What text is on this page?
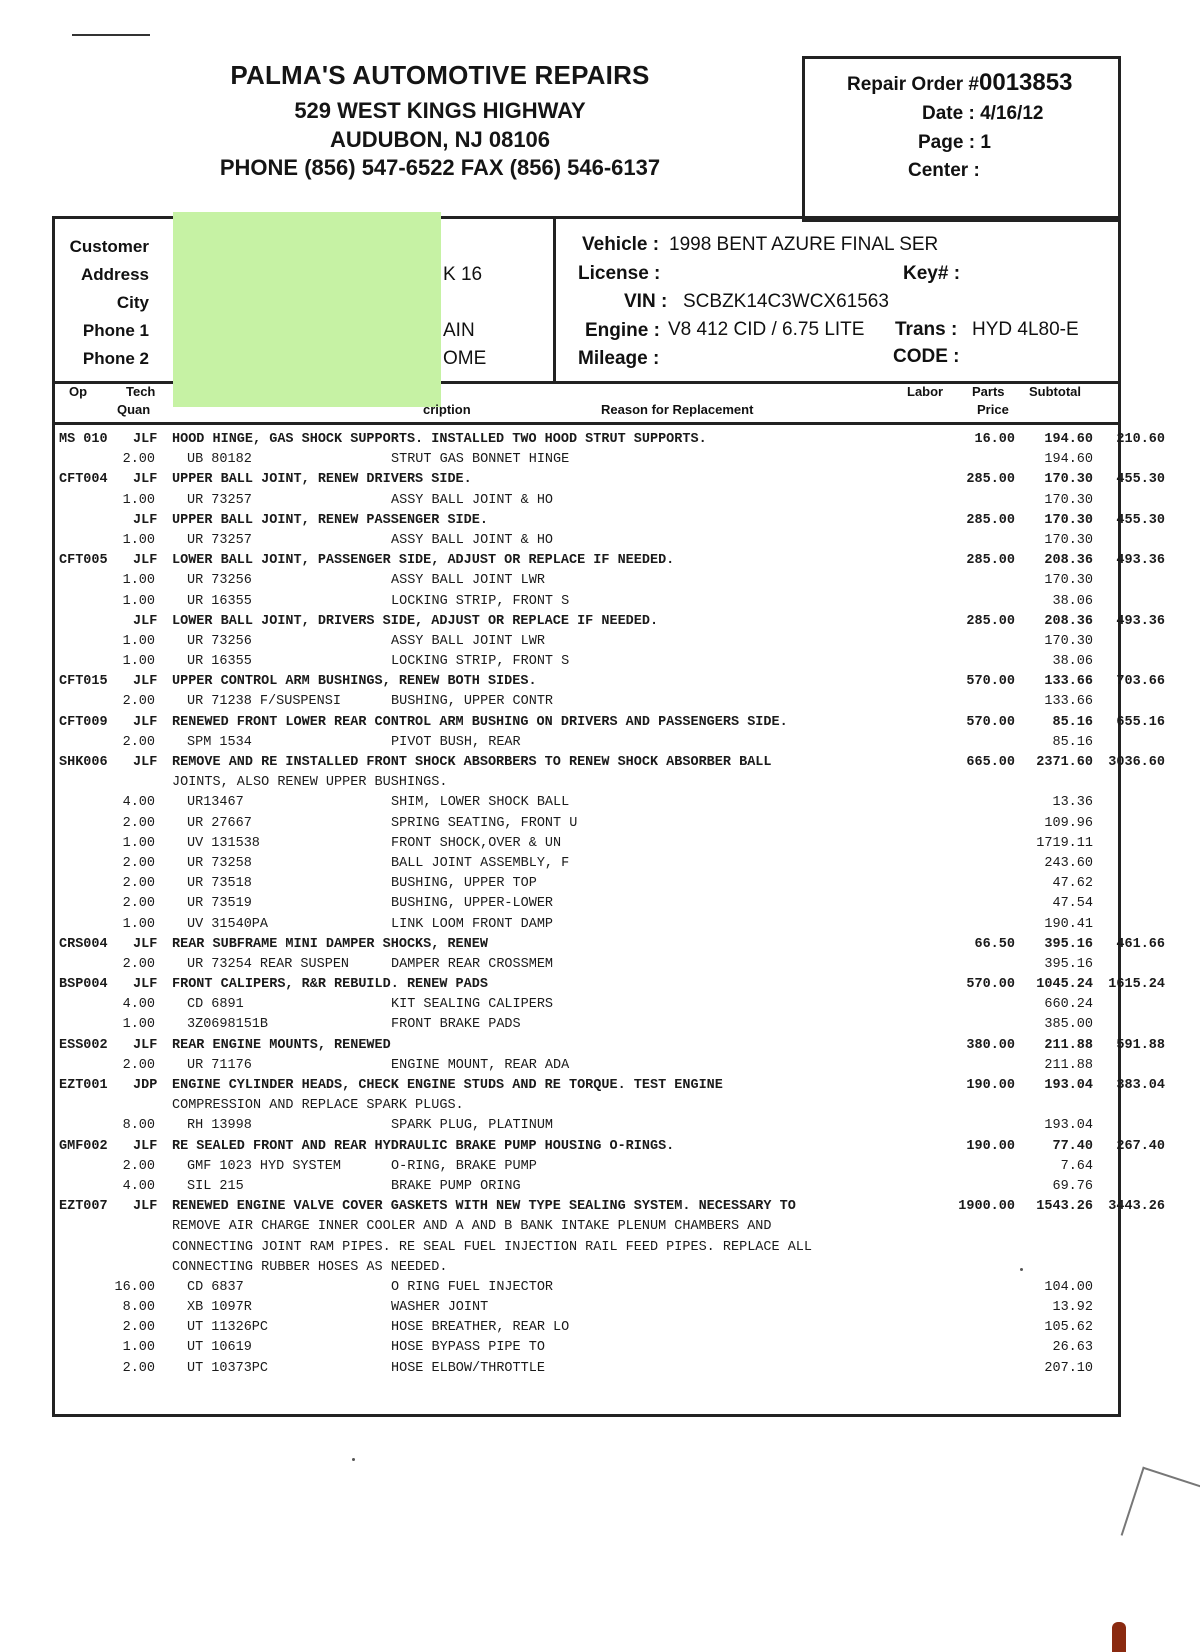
PALMA'S AUTOMOTIVE REPAIRS
529 WEST KINGS HIGHWAY
AUDUBON, NJ 08106
PHONE (856) 547-6522 FAX (856) 546-6137
Repair Order #0013853
Date : 4/16/12
Page : 1
Center :
Customer
Address
City
Phone 1
Phone 2
K 16
AIN
OME
Vehicle : 1998 BENT AZURE FINAL SER
License :	Key# :
VIN : SCBZK14C3WCX61563
Engine : V8 412 CID / 6.75 LITE Trans : HYD 4L80-E
Mileage :	CODE :
Op	Tech
Quan	cription	Reason for Replacement
Labor Parts
Price
Subtotal
MS 010 JLF HOOD HINGE, GAS SHOCK SUPPORTS. INSTALLED TWO HOOD STRUT SUPPORTS.	16.00	194.60	210.60
2.00 UB 80182	STRUT GAS BONNET HINGE	194.60
CFT004 JLF UPPER BALL JOINT, RENEW DRIVERS SIDE.	285.00	170.30	455.30
1.00 UR 73257	ASSY BALL JOINT & HO	170.30
JLF UPPER BALL JOINT, RENEW PASSENGER SIDE.	285.00	170.30	455.30
1.00 UR 73257	ASSY BALL JOINT & HO	170.30
CFT005 JLF LOWER BALL JOINT, PASSENGER SIDE, ADJUST OR REPLACE IF NEEDED.	285.00	208.36	493.36
1.00 UR 73256	ASSY BALL JOINT LWR	170.30
1.00 UR 16355	LOCKING STRIP, FRONT S	38.06
JLF LOWER BALL JOINT, DRIVERS SIDE, ADJUST OR REPLACE IF NEEDED.	285.00	208.36	493.36
1.00 UR 73256	ASSY BALL JOINT LWR	170.30
1.00 UR 16355	LOCKING STRIP, FRONT S	38.06
CFT015 JLF UPPER CONTROL ARM BUSHINGS, RENEW BOTH SIDES.	570.00	133.66	703.66
2.00 UR 71238 F/SUSPENSI	BUSHING, UPPER CONTR	133.66
CFT009 JLF RENEWED FRONT LOWER REAR CONTROL ARM BUSHING ON DRIVERS AND PASSENGERS SIDE.	570.00	85.16	655.16
2.00 SPM 1534	PIVOT BUSH, REAR	85.16
SHK006 JLF REMOVE AND RE INSTALLED FRONT SHOCK ABSORBERS TO RENEW SHOCK ABSORBER BALL	665.00	2371.60	3036.60
JOINTS, ALSO RENEW UPPER BUSHINGS.
4.00 UR13467	SHIM, LOWER SHOCK BALL	13.36
2.00 UR 27667	SPRING SEATING, FRONT U	109.96
1.00 UV 131538	FRONT SHOCK,OVER & UN	1719.11
2.00 UR 73258	BALL JOINT ASSEMBLY, F	243.60
2.00 UR 73518	BUSHING, UPPER TOP	47.62
2.00 UR 73519	BUSHING, UPPER-LOWER	47.54
1.00 UV 31540PA	LINK LOOM FRONT DAMP	190.41
CRS004 JLF REAR SUBFRAME MINI DAMPER SHOCKS, RENEW	66.50	395.16	461.66
2.00 UR 73254 REAR SUSPEN	DAMPER REAR CROSSMEM	395.16
BSP004 JLF FRONT CALIPERS, R&R REBUILD. RENEW PADS	570.00	1045.24	1615.24
4.00 CD 6891	KIT SEALING CALIPERS	660.24
1.00 3Z0698151B	FRONT BRAKE PADS	385.00
ESS002 JLF REAR ENGINE MOUNTS, RENEWED	380.00	211.88	591.88
2.00 UR 71176	ENGINE MOUNT, REAR ADA	211.88
EZT001 JDP ENGINE CYLINDER HEADS, CHECK ENGINE STUDS AND RE TORQUE. TEST ENGINE	190.00	193.04	383.04
COMPRESSION AND REPLACE SPARK PLUGS.
8.00 RH 13998	SPARK PLUG, PLATINUM	193.04
GMF002 JLF RE SEALED FRONT AND REAR HYDRAULIC BRAKE PUMP HOUSING O-RINGS.	190.00	77.40	267.40
2.00 GMF 1023 HYD SYSTEM	O-RING, BRAKE PUMP	7.64
4.00 SIL 215	BRAKE PUMP ORING	69.76
EZT007 JLF RENEWED ENGINE VALVE COVER GASKETS WITH NEW TYPE SEALING SYSTEM. NECESSARY TO	1900.00	1543.26	3443.26
REMOVE AIR CHARGE INNER COOLER AND A AND B BANK INTAKE PLENUM CHAMBERS AND
CONNECTING JOINT RAM PIPES. RE SEAL FUEL INJECTION RAIL FEED PIPES. REPLACE ALL
CONNECTING RUBBER HOSES AS NEEDED.
16.00 CD 6837	O RING FUEL INJECTOR	104.00
8.00 XB 1097R	WASHER JOINT	13.92
2.00 UT 11326PC	HOSE BREATHER, REAR LO	105.62
1.00 UT 10619	HOSE BYPASS PIPE TO	26.63
2.00 UT 10373PC	HOSE ELBOW/THROTTLE	207.10
